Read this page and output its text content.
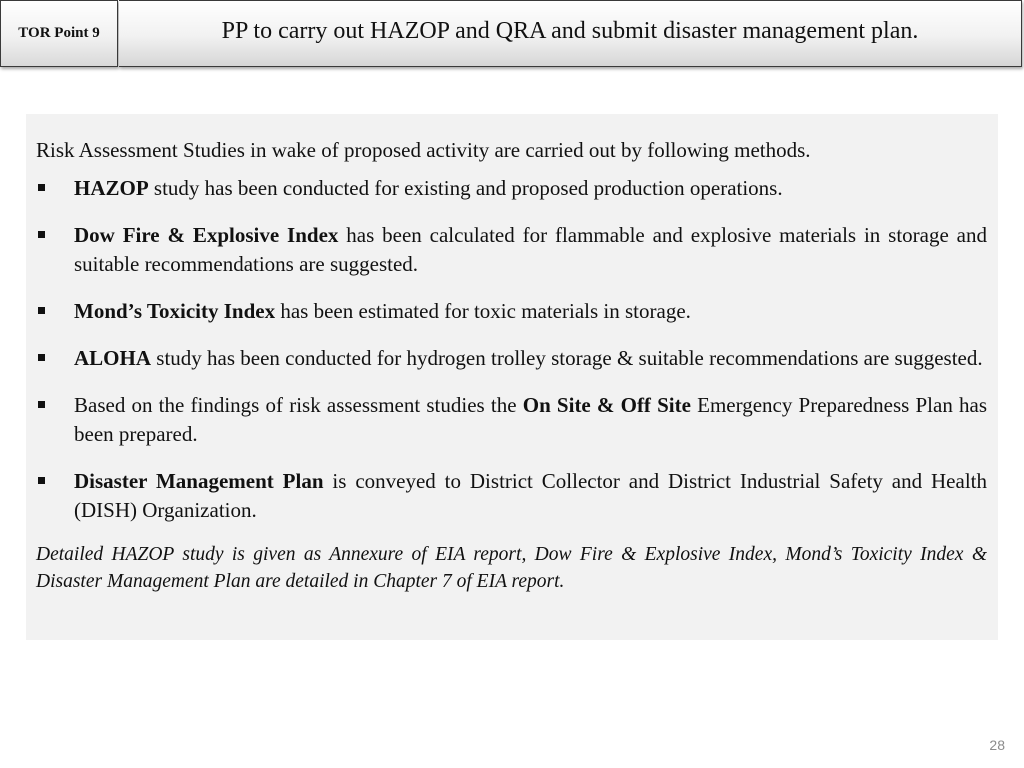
TOR Point 9	PP to carry out HAZOP and QRA and submit disaster management plan.

Risk Assessment Studies in wake of proposed activity are carried out by following methods.

HAZOP study has been conducted for existing and proposed production operations.
Dow Fire & Explosive Index has been calculated for flammable and explosive materials in storage and suitable recommendations are suggested.
Mond’s Toxicity Index has been estimated for toxic materials in storage.
ALOHA study has been conducted for hydrogen trolley storage & suitable recommendations are suggested.
Based on the findings of risk assessment studies the On Site & Off Site Emergency Preparedness Plan has been prepared.
Disaster Management Plan is conveyed to District Collector and District Industrial Safety and Health (DISH) Organization.

Detailed HAZOP study is given as Annexure of EIA report, Dow Fire & Explosive Index, Mond’s Toxicity Index & Disaster Management Plan are detailed in Chapter 7 of EIA report.

28
